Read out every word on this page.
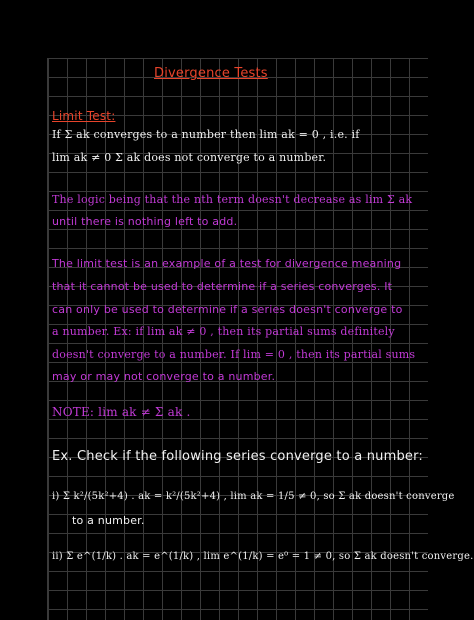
Divergence Tests
Limit Test:
If Σ ak converges to a number then lim ak = 0 , i.e. if
lim ak ≠ 0 Σ ak does not converge to a number.
The logic being that the nth term doesn't decrease as lim Σ ak
until there is nothing left to add.
The limit test is an example of a test for divergence meaning
that it cannot be used to determine if a series converges. It
can only be used to determine if a series doesn't converge to
a number. Ex: if lim ak ≠ 0 , then its partial sums definitely
doesn't converge to a number. If lim = 0 , then its partial sums
may or may not converge to a number.
NOTE: lim ak ≠ Σ ak .
Ex. Check if the following series converge to a number:
i) Σ k²/(5k²+4) . ak = k²/(5k²+4) , lim ak = 1/5 ≠ 0, so Σ ak doesn't converge
to a number.
ii) Σ e^(1/k) . ak = e^(1/k) , lim e^(1/k) = e⁰ = 1 ≠ 0, so Σ ak doesn't converge.
